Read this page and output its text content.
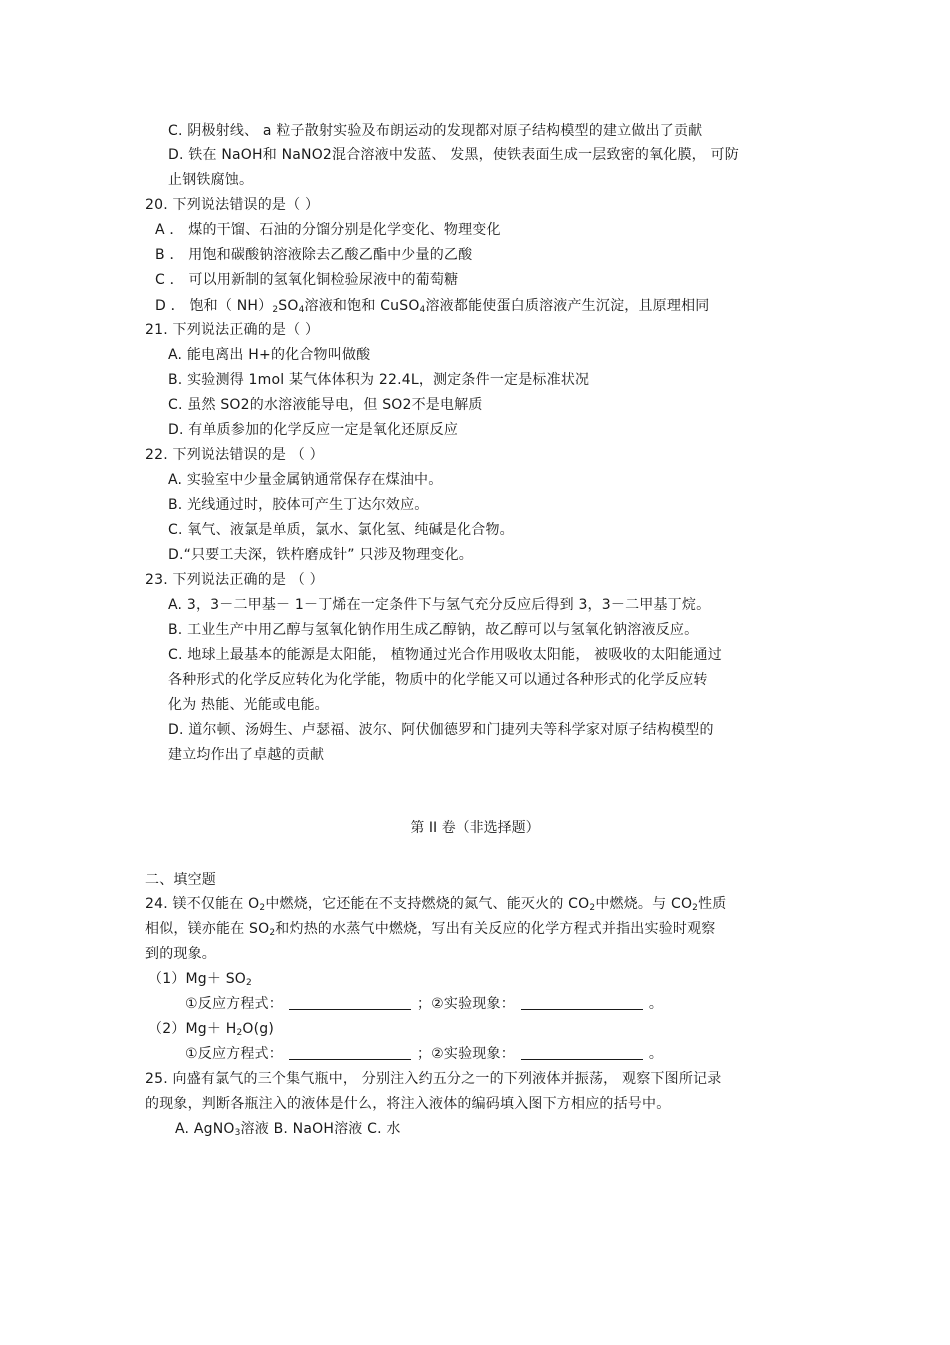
C. 阴极射线、 a 粒子散射实验及布朗运动的发现都对原子结构模型的建立做出了贡献
D. 铁在 NaOH和 NaNO2混合溶液中发蓝、 发黑，使铁表面生成一层致密的氧化膜， 可防
止钢铁腐蚀。
20. 下列说法错误的是（ ）
A ． 煤的干馏、石油的分馏分别是化学变化、物理变化
B ． 用饱和碳酸钠溶液除去乙酸乙酯中少量的乙酸
C ． 可以用新制的氢氧化铜检验尿液中的葡萄糖
D ． 饱和（ $NH)_2SO_4$溶液和饱和 CuSO$_4$溶液都能使蛋白质溶液产生沉淀，且原理相同
21. 下列说法正确的是（ ）
A. 能电离出 H+的化合物叫做酸
B. 实验测得 1mol 某气体体积为 22.4L，测定条件一定是标准状况
C. 虽然 SO2的水溶液能导电，但 SO2不是电解质
D. 有单质参加的化学反应一定是氧化还原反应
22. 下列说法错误的是 （ ）
A. 实验室中少量金属钠通常保存在煤油中。
B. 光线通过时，胶体可产生丁达尔效应。
C. 氧气、液氯是单质，氯水、氯化氢、纯碱是化合物。
D.“只要工夫深，铁杵磨成针” 只涉及物理变化。
23. 下列说法正确的是 （ ）
A. 3，3－二甲基－ 1－丁烯在一定条件下与氢气充分反应后得到 3，3－二甲基丁烷。
B. 工业生产中用乙醇与氢氧化钠作用生成乙醇钠，故乙醇可以与氢氧化钠溶液反应。
C. 地球上最基本的能源是太阳能， 植物通过光合作用吸收太阳能， 被吸收的太阳能通过
各种形式的化学反应转化为化学能，物质中的化学能又可以通过各种形式的化学反应转
化为 热能、光能或电能。
D. 道尔顿、汤姆生、卢瑟福、波尔、阿伏伽德罗和门捷列夫等科学家对原子结构模型的
建立均作出了卓越的贡献
第 II 卷（非选择题）
二、填空题
24. 镁不仅能在 $O_2$中燃烧，它还能在不支持燃烧的氮气、能灭火的 $CO_2$中燃烧。与 $CO_2$性质
相似，镁亦能在 $SO_2$和灼热的水蒸气中燃烧，写出有关反应的化学方程式并指出实验时观察
到的现象。
$(1)Mg+ SO_2$
①反应方程式：	；②实验现象：	。
$(2)Mg+ H_2O(g)$
①反应方程式：	；②实验现象：	。
25. 向盛有氯气的三个集气瓶中， 分别注入约五分之一的下列液体并振荡， 观察下图所记录
的现象，判断各瓶注入的液体是什么，将注入液体的编码填入图下方相应的括号中。
A. AgNO$_3$溶液 B. NaOH溶液 C. 水
